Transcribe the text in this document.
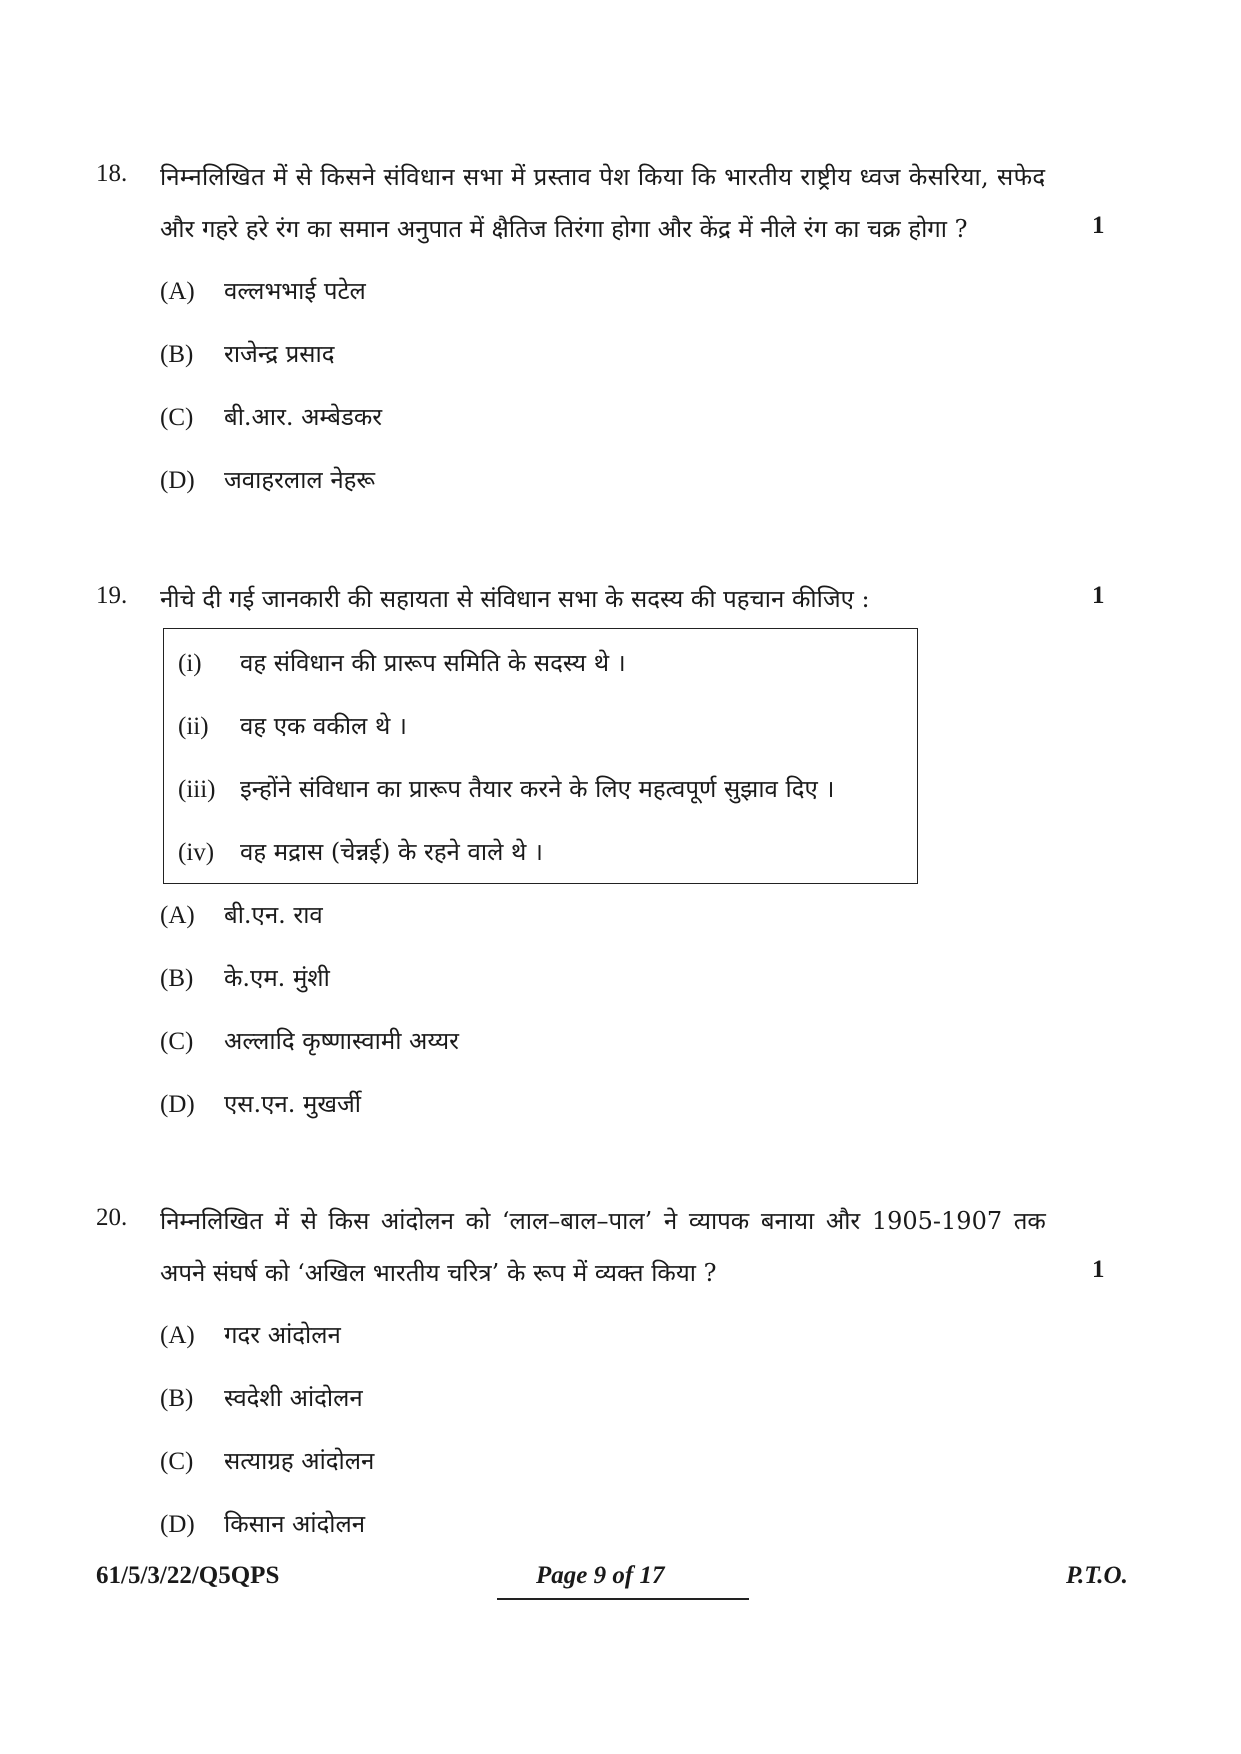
18. निम्नलिखित में से किसने संविधान सभा में प्रस्ताव पेश किया कि भारतीय राष्ट्रीय ध्वज केसरिया, सफेद
और गहरे हरे रंग का समान अनुपात में क्षैतिज तिरंगा होगा और केंद्र में नीले रंग का चक्र होगा ?	1
(A) वल्लभभाई पटेल
(B) राजेन्द्र प्रसाद
(C) बी.आर. अम्बेडकर
(D) जवाहरलाल नेहरू
19. नीचे दी गई जानकारी की सहायता से संविधान सभा के सदस्य की पहचान कीजिए :	1
(i) वह संविधान की प्रारूप समिति के सदस्य थे ।
(ii) वह एक वकील थे ।
(iii) इन्होंने संविधान का प्रारूप तैयार करने के लिए महत्वपूर्ण सुझाव दिए ।
(iv) वह मद्रास (चेन्नई) के रहने वाले थे ।
(A) बी.एन. राव
(B) के.एम. मुंशी
(C) अल्लादि कृष्णास्वामी अय्यर
(D) एस.एन. मुखर्जी
20. निम्नलिखित में से किस आंदोलन को ‘लाल–बाल–पाल’ ने व्यापक बनाया और 1905-1907 तक
अपने संघर्ष को ‘अखिल भारतीय चरित्र’ के रूप में व्यक्त किया ?	1
(A) गदर आंदोलन
(B) स्वदेशी आंदोलन
(C) सत्याग्रह आंदोलन
(D) किसान आंदोलन
61/5/3/22/Q5QPS	Page 9 of 17	P.T.O.
